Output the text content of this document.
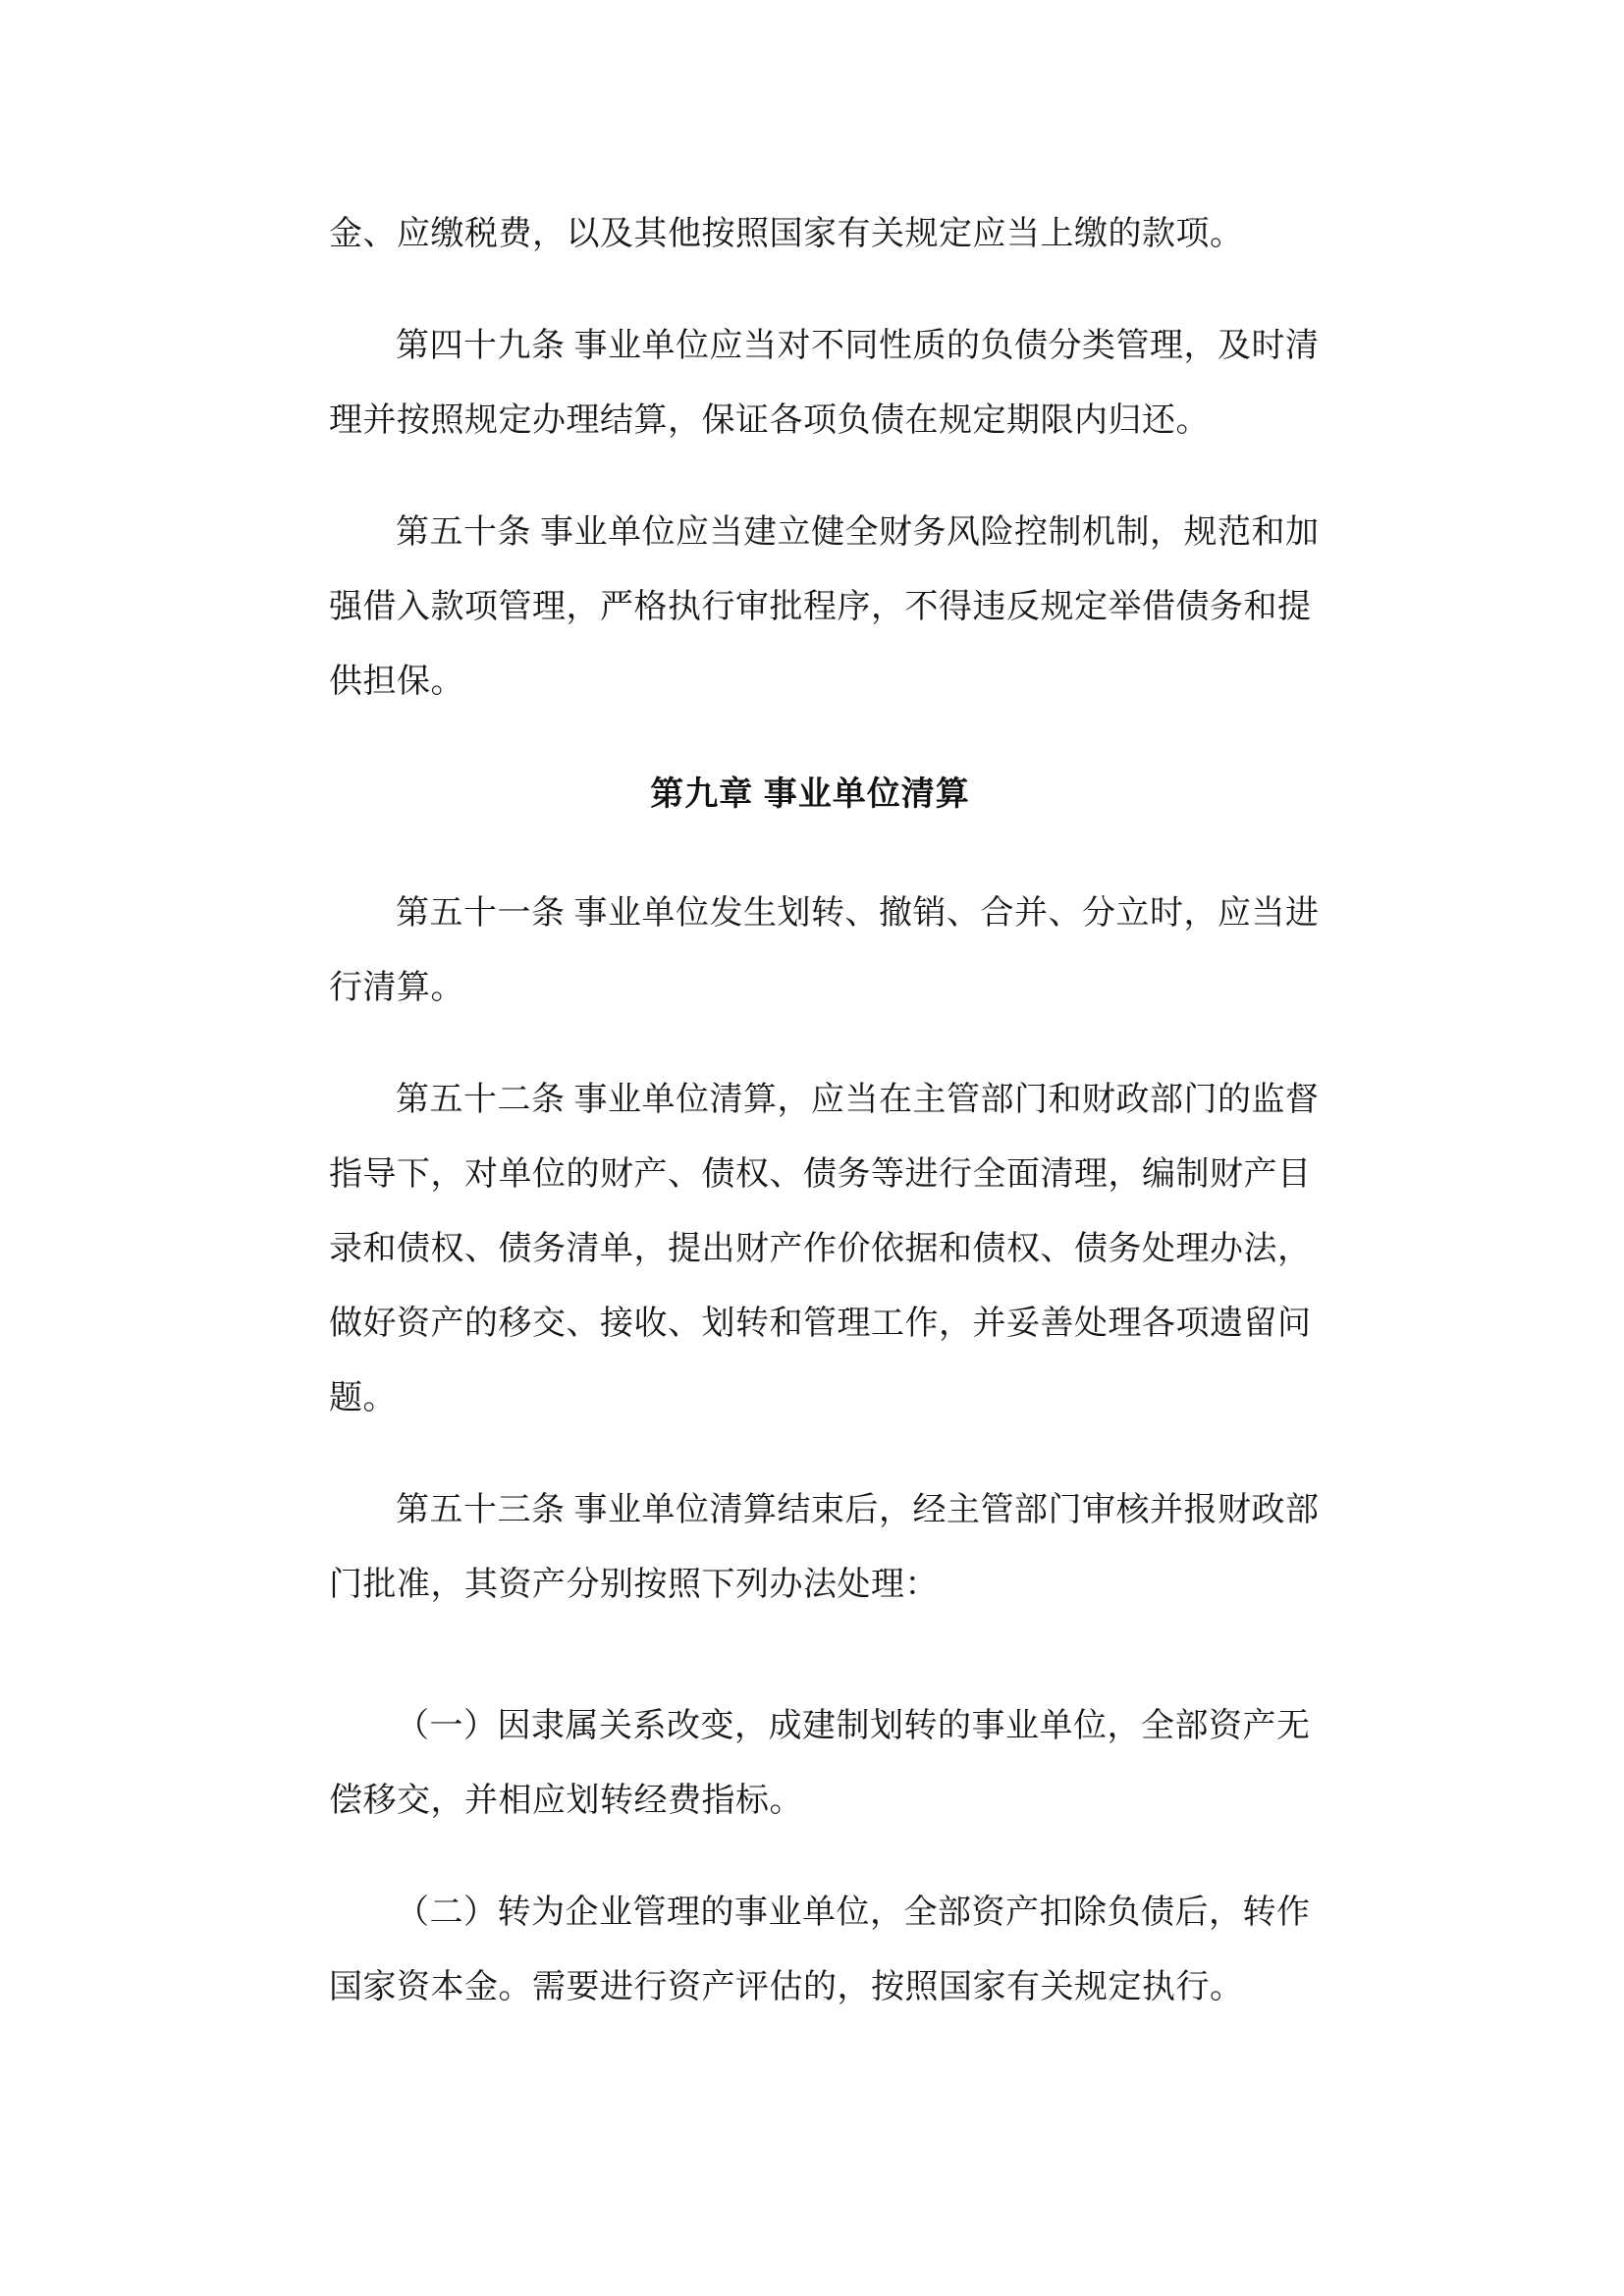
金、应缴税费，以及其他按照国家有关规定应当上缴的款项。

第四十九条 事业单位应当对不同性质的负债分类管理，及时清
理并按照规定办理结算，保证各项负债在规定期限内归还。

第五十条 事业单位应当建立健全财务风险控制机制，规范和加
强借入款项管理，严格执行审批程序，不得违反规定举借债务和提
供担保。

第九章 事业单位清算

第五十一条 事业单位发生划转、撤销、合并、分立时，应当进
行清算。

第五十二条 事业单位清算，应当在主管部门和财政部门的监督
指导下，对单位的财产、债权、债务等进行全面清理，编制财产目
录和债权、债务清单，提出财产作价依据和债权、债务处理办法，
做好资产的移交、接收、划转和管理工作，并妥善处理各项遗留问
题。

第五十三条 事业单位清算结束后，经主管部门审核并报财政部
门批准，其资产分别按照下列办法处理：

（一）因隶属关系改变，成建制划转的事业单位，全部资产无
偿移交，并相应划转经费指标。

（二）转为企业管理的事业单位，全部资产扣除负债后，转作
国家资本金。需要进行资产评估的，按照国家有关规定执行。
